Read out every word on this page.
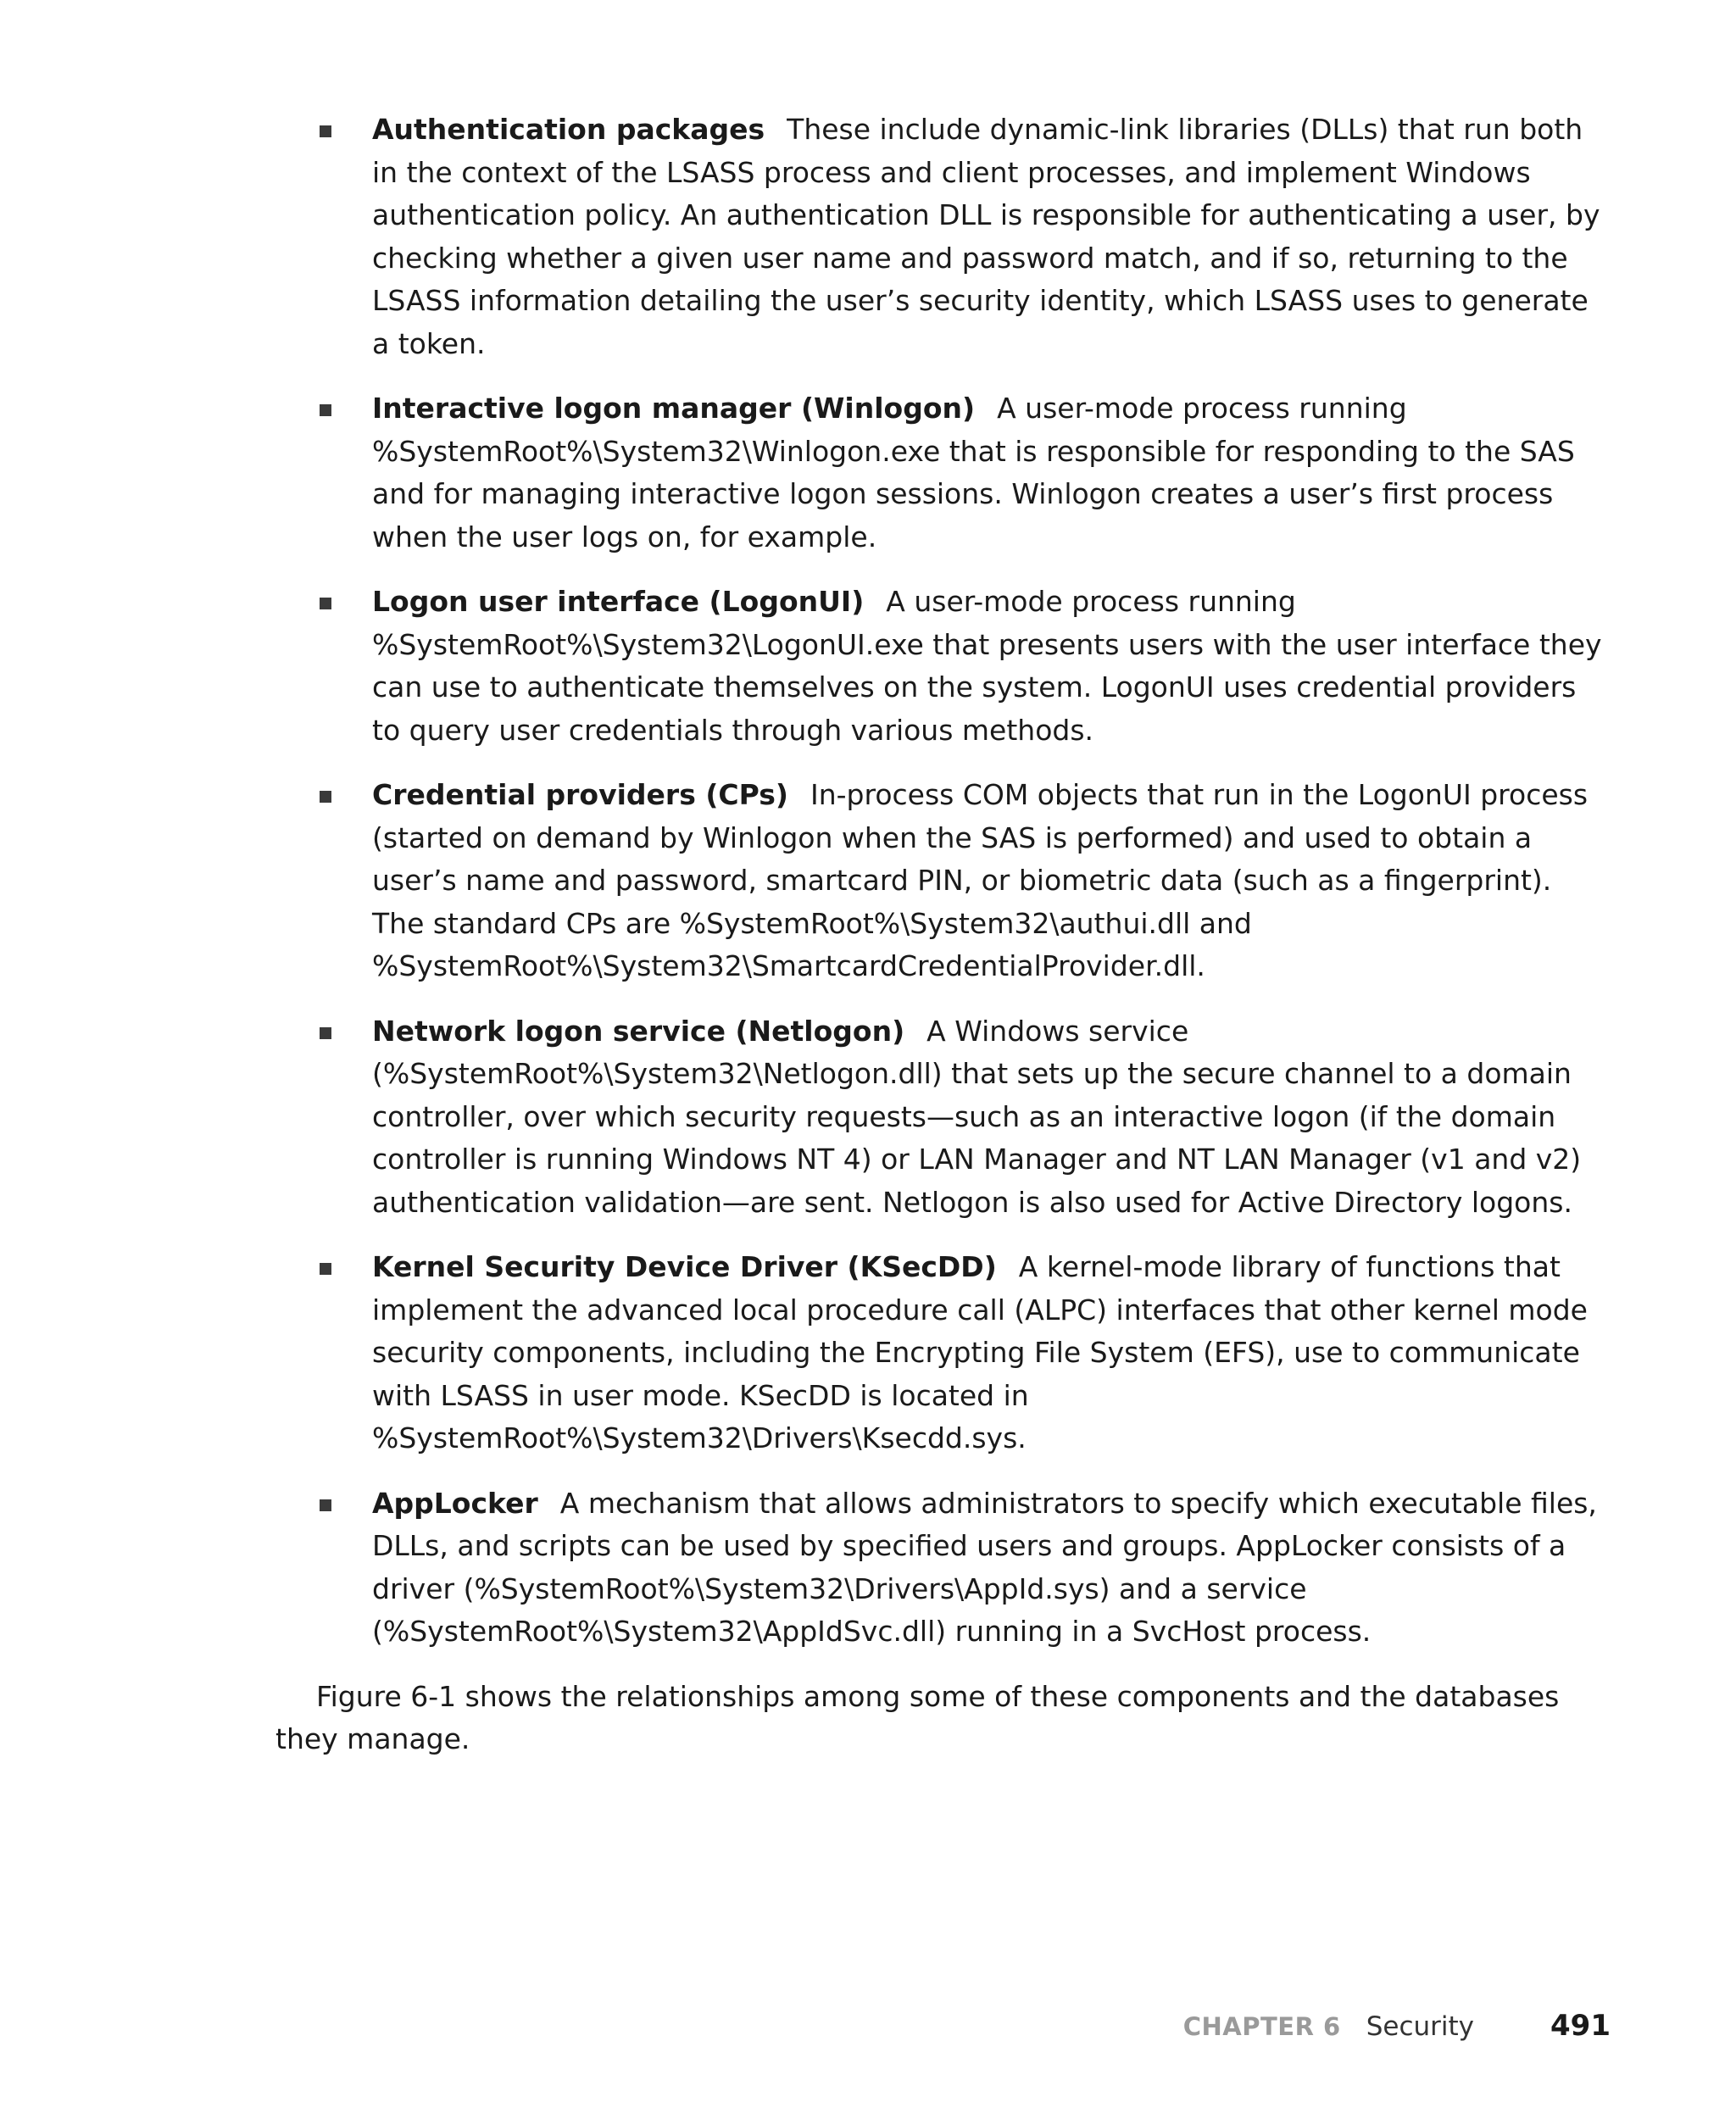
Authentication packages These include dynamic-link libraries (DLLs) that run both in the context of the LSASS process and client processes, and implement Windows authentication policy. An authentication DLL is responsible for authenticating a user, by checking whether a given user name and password match, and if so, returning to the LSASS information detailing the user’s security identity, which LSASS uses to generate a token.
Interactive logon manager (Winlogon) A user-mode process running %SystemRoot%\System32\Winlogon.exe that is responsible for responding to the SAS and for managing interactive logon sessions. Winlogon creates a user’s first process when the user logs on, for example.
Logon user interface (LogonUI) A user-mode process running %SystemRoot%\System32\LogonUI.exe that presents users with the user interface they can use to authenticate themselves on the system. LogonUI uses credential providers to query user credentials through various methods.
Credential providers (CPs) In-process COM objects that run in the LogonUI process (started on demand by Winlogon when the SAS is performed) and used to obtain a user’s name and password, smartcard PIN, or biometric data (such as a fingerprint). The standard CPs are %SystemRoot%\System32\authui.dll and %SystemRoot%\System32\SmartcardCredentialProvider.dll.
Network logon service (Netlogon) A Windows service (%SystemRoot%\System32\Netlogon.dll) that sets up the secure channel to a domain controller, over which security requests—such as an interactive logon (if the domain controller is running Windows NT 4) or LAN Manager and NT LAN Manager (v1 and v2) authentication validation—are sent. Netlogon is also used for Active Directory logons.
Kernel Security Device Driver (KSecDD) A kernel-mode library of functions that implement the advanced local procedure call (ALPC) interfaces that other kernel mode security components, including the Encrypting File System (EFS), use to communicate with LSASS in user mode. KSecDD is located in %SystemRoot%\System32\Drivers\Ksecdd.sys.
AppLocker A mechanism that allows administrators to specify which executable files, DLLs, and scripts can be used by specified users and groups. AppLocker consists of a driver (%SystemRoot%\System32\Drivers\AppId.sys) and a service (%SystemRoot%\System32\AppIdSvc.dll) running in a SvcHost process.

Figure 6-1 shows the relationships among some of these components and the databases they manage.

CHAPTER 6 Security	491
